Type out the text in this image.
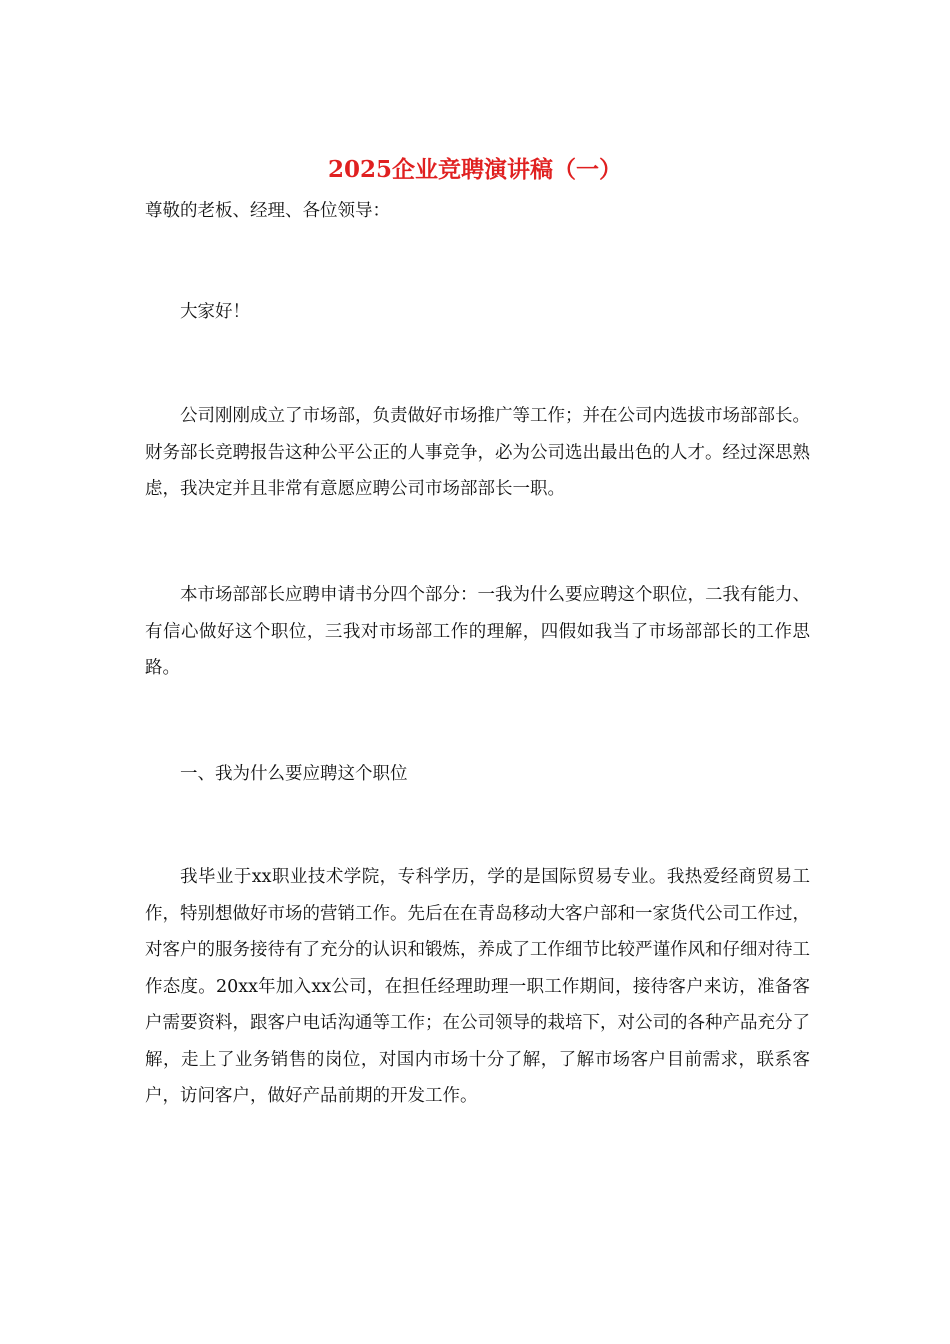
2025企业竞聘演讲稿（一）

尊敬的老板、经理、各位领导：

大家好！

公司刚刚成立了市场部，负责做好市场推广等工作；并在公司内选拔市场部部长。财务部长竞聘报告这种公平公正的人事竞争，必为公司选出最出色的人才。经过深思熟虑，我决定并且非常有意愿应聘公司市场部部长一职。

本市场部部长应聘申请书分四个部分：一我为什么要应聘这个职位，二我有能力、有信心做好这个职位，三我对市场部工作的理解，四假如我当了市场部部长的工作思路。

一、我为什么要应聘这个职位

我毕业于xx职业技术学院，专科学历，学的是国际贸易专业。我热爱经商贸易工作，特别想做好市场的营销工作。先后在在青岛移动大客户部和一家货代公司工作过，对客户的服务接待有了充分的认识和锻炼，养成了工作细节比较严谨作风和仔细对待工作态度。20xx年加入xx公司，在担任经理助理一职工作期间，接待客户来访，准备客户需要资料，跟客户电话沟通等工作；在公司领导的栽培下，对公司的各种产品充分了解，走上了业务销售的岗位，对国内市场十分了解，了解市场客户目前需求，联系客户，访问客户，做好产品前期的开发工作。
